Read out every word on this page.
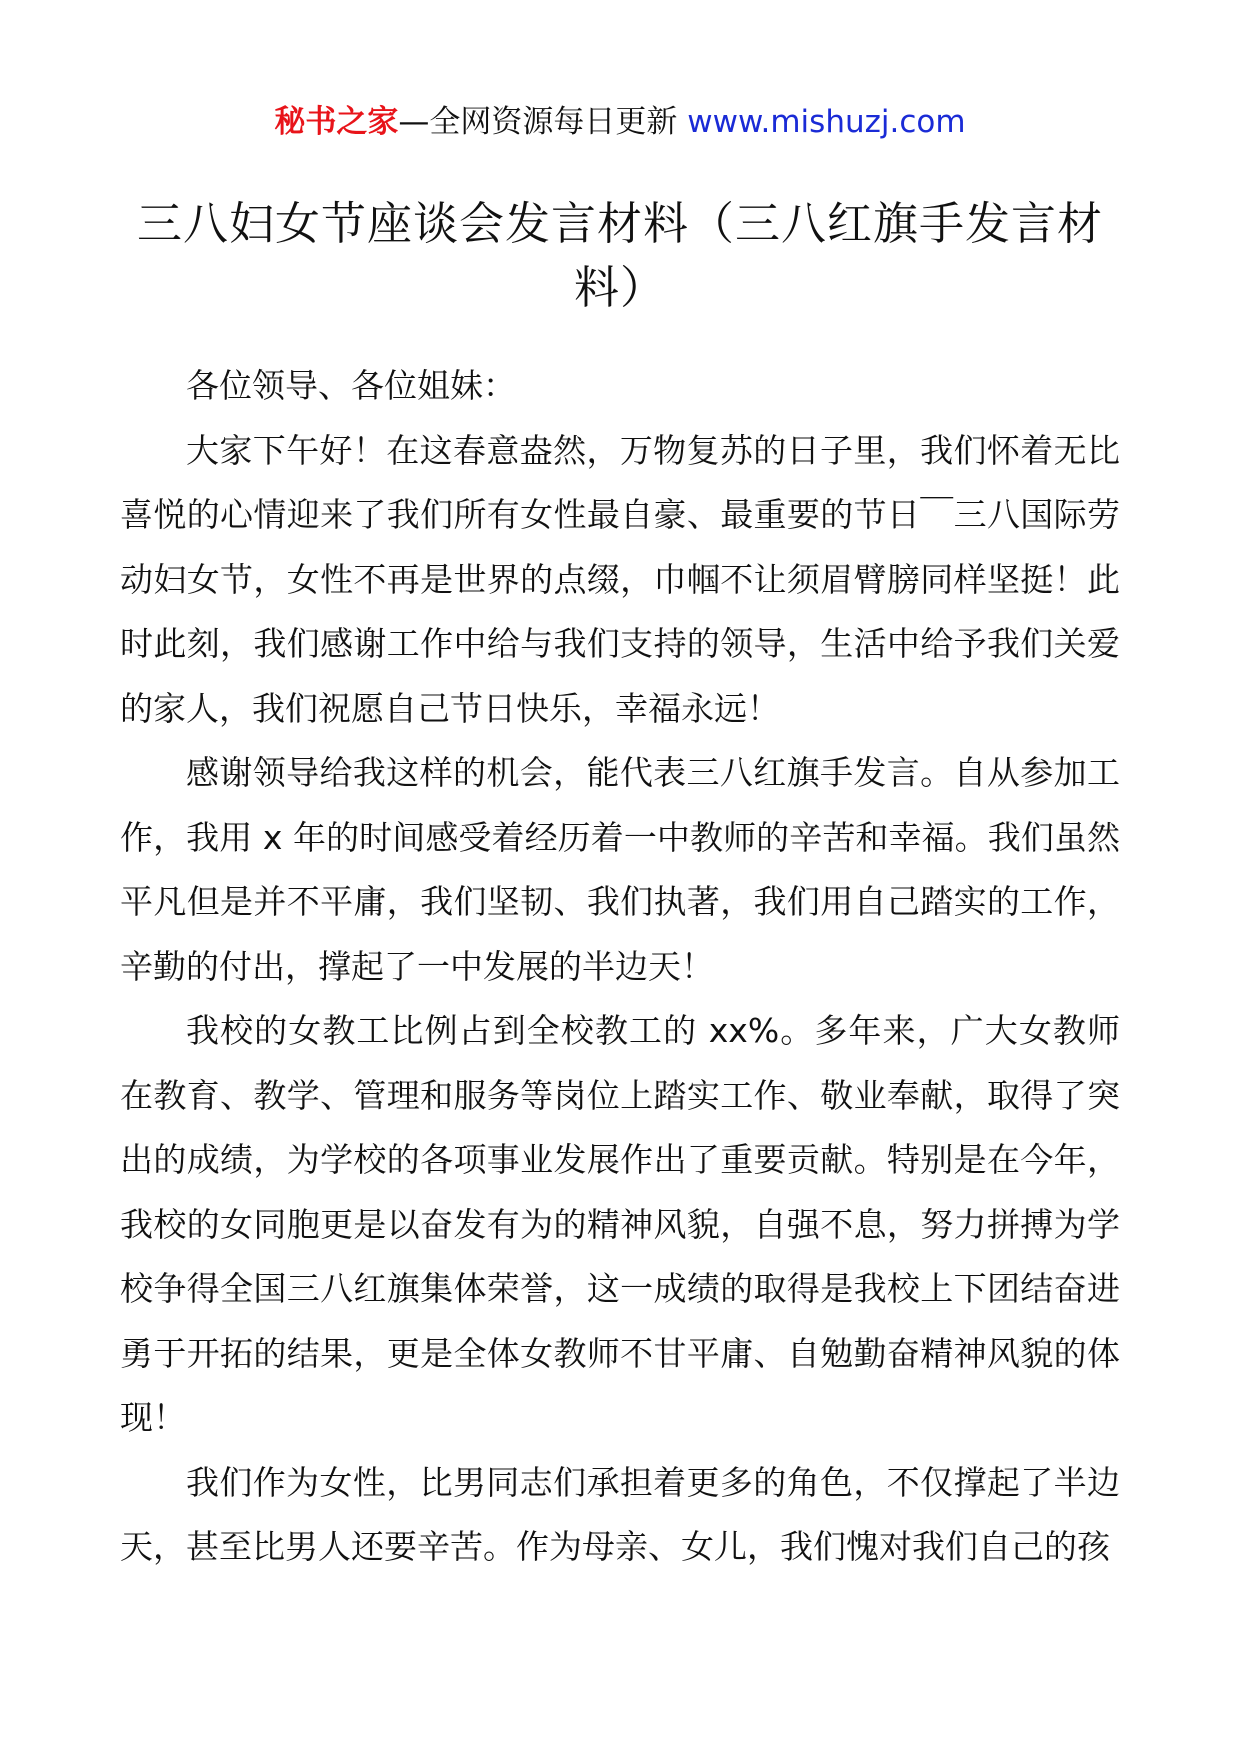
秘书之家—全网资源每日更新 www.mishuzj.com
三八妇女节座谈会发言材料（三八红旗手发言材料）

各位领导、各位姐妹：

大家下午好！在这春意盎然，万物复苏的日子里，我们怀着无比喜悦的心情迎来了我们所有女性最自豪、最重要的节日￣三八国际劳动妇女节，女性不再是世界的点缀，巾帼不让须眉臂膀同样坚挺！此时此刻，我们感谢工作中给与我们支持的领导，生活中给予我们关爱的家人，我们祝愿自己节日快乐，幸福永远！

感谢领导给我这样的机会，能代表三八红旗手发言。自从参加工作，我用 x 年的时间感受着经历着一中教师的辛苦和幸福。我们虽然平凡但是并不平庸，我们坚韧、我们执著，我们用自己踏实的工作，辛勤的付出，撑起了一中发展的半边天！

我校的女教工比例占到全校教工的 xx%。多年来，广大女教师在教育、教学、管理和服务等岗位上踏实工作、敬业奉献，取得了突出的成绩，为学校的各项事业发展作出了重要贡献。特别是在今年，我校的女同胞更是以奋发有为的精神风貌，自强不息，努力拼搏为学校争得全国三八红旗集体荣誉，这一成绩的取得是我校上下团结奋进勇于开拓的结果，更是全体女教师不甘平庸、自勉勤奋精神风貌的体现！

我们作为女性，比男同志们承担着更多的角色，不仅撑起了半边天，甚至比男人还要辛苦。作为母亲、女儿，我们愧对我们自己的孩
